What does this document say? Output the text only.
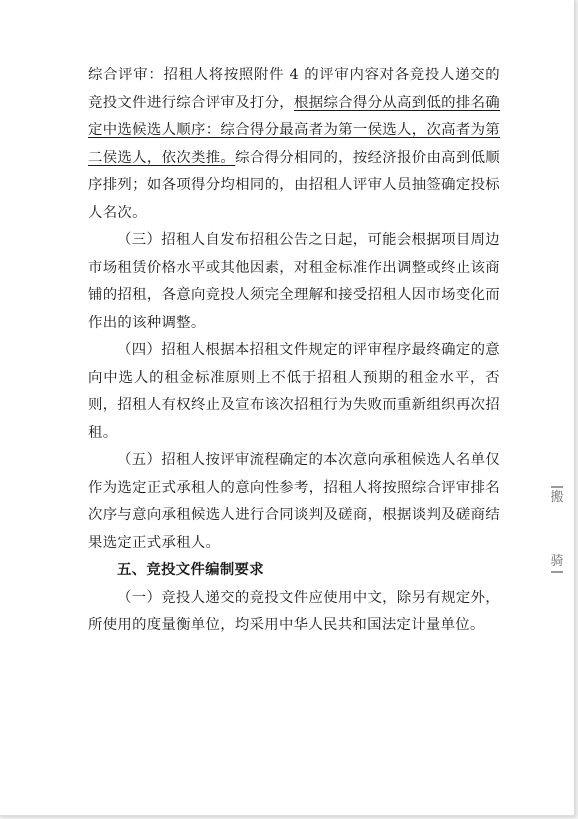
综合评审：招租人将按照附件 4 的评审内容对各竞投人递交的竞投文件进行综合评审及打分，根据综合得分从高到低的排名确定中选候选人顺序：综合得分最高者为第一侯选人，次高者为第二侯选人，依次类推。综合得分相同的，按经济报价由高到低顺序排列；如各项得分均相同的，由招租人评审人员抽签确定投标人名次。

（三）招租人自发布招租公告之日起，可能会根据项目周边市场租赁价格水平或其他因素，对租金标准作出调整或终止该商铺的招租，各意向竞投人须完全理解和接受招租人因市场变化而作出的该种调整。

（四）招租人根据本招租文件规定的评审程序最终确定的意向中选人的租金标准原则上不低于招租人预期的租金水平，否则，招租人有权终止及宣布该次招租行为失败而重新组织再次招租。

（五）招租人按评审流程确定的本次意向承租候选人名单仅作为选定正式承租人的意向性参考，招租人将按照综合评审排名次序与意向承租候选人进行合同谈判及磋商，根据谈判及磋商结果选定正式承租人。

五、竞投文件编制要求

（一）竞投人递交的竞投文件应使用中文，除另有规定外，所使用的度量衡单位，均采用中华人民共和国法定计量单位。

搬
骑
